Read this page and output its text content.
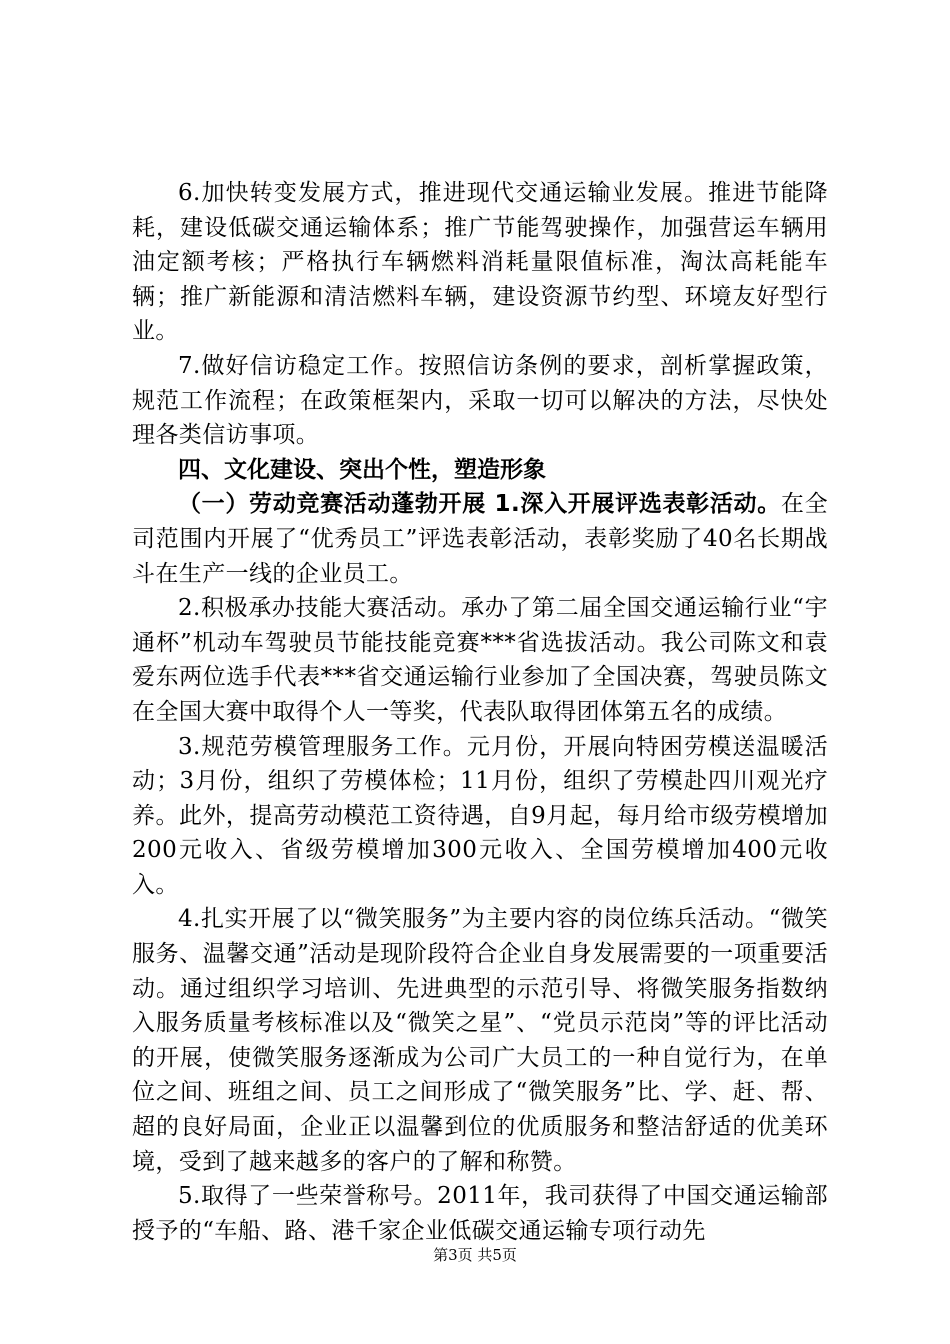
6.加快转变发展方式，推进现代交通运输业发展。推进节能降耗，建设低碳交通运输体系；推广节能驾驶操作，加强营运车辆用油定额考核；严格执行车辆燃料消耗量限值标准，淘汰高耗能车辆；推广新能源和清洁燃料车辆，建设资源节约型、环境友好型行业。

7.做好信访稳定工作。按照信访条例的要求，剖析掌握政策，规范工作流程；在政策框架内，采取一切可以解决的方法，尽快处理各类信访事项。

四、文化建设、突出个性，塑造形象

（一）劳动竞赛活动蓬勃开展 1.深入开展评选表彰活动。在全司范围内开展了“优秀员工”评选表彰活动，表彰奖励了40名长期战斗在生产一线的企业员工。

2.积极承办技能大赛活动。承办了第二届全国交通运输行业“宇通杯”机动车驾驶员节能技能竞赛***省选拔活动。我公司陈文和袁爱东两位选手代表***省交通运输行业参加了全国决赛，驾驶员陈文在全国大赛中取得个人一等奖，代表队取得团体第五名的成绩。

3.规范劳模管理服务工作。元月份，开展向特困劳模送温暖活动；3月份，组织了劳模体检；11月份，组织了劳模赴四川观光疗养。此外，提高劳动模范工资待遇，自9月起，每月给市级劳模增加200元收入、省级劳模增加300元收入、全国劳模增加400元收入。

4.扎实开展了以“微笑服务”为主要内容的岗位练兵活动。“微笑服务、温馨交通”活动是现阶段符合企业自身发展需要的一项重要活动。通过组织学习培训、先进典型的示范引导、将微笑服务指数纳入服务质量考核标准以及“微笑之星”、“党员示范岗”等的评比活动的开展，使微笑服务逐渐成为公司广大员工的一种自觉行为，在单位之间、班组之间、员工之间形成了“微笑服务”比、学、赶、帮、超的良好局面，企业正以温馨到位的优质服务和整洁舒适的优美环境，受到了越来越多的客户的了解和称赞。

5.取得了一些荣誉称号。2011年，我司获得了中国交通运输部授予的“车船、路、港千家企业低碳交通运输专项行动先

第3页 共5页
